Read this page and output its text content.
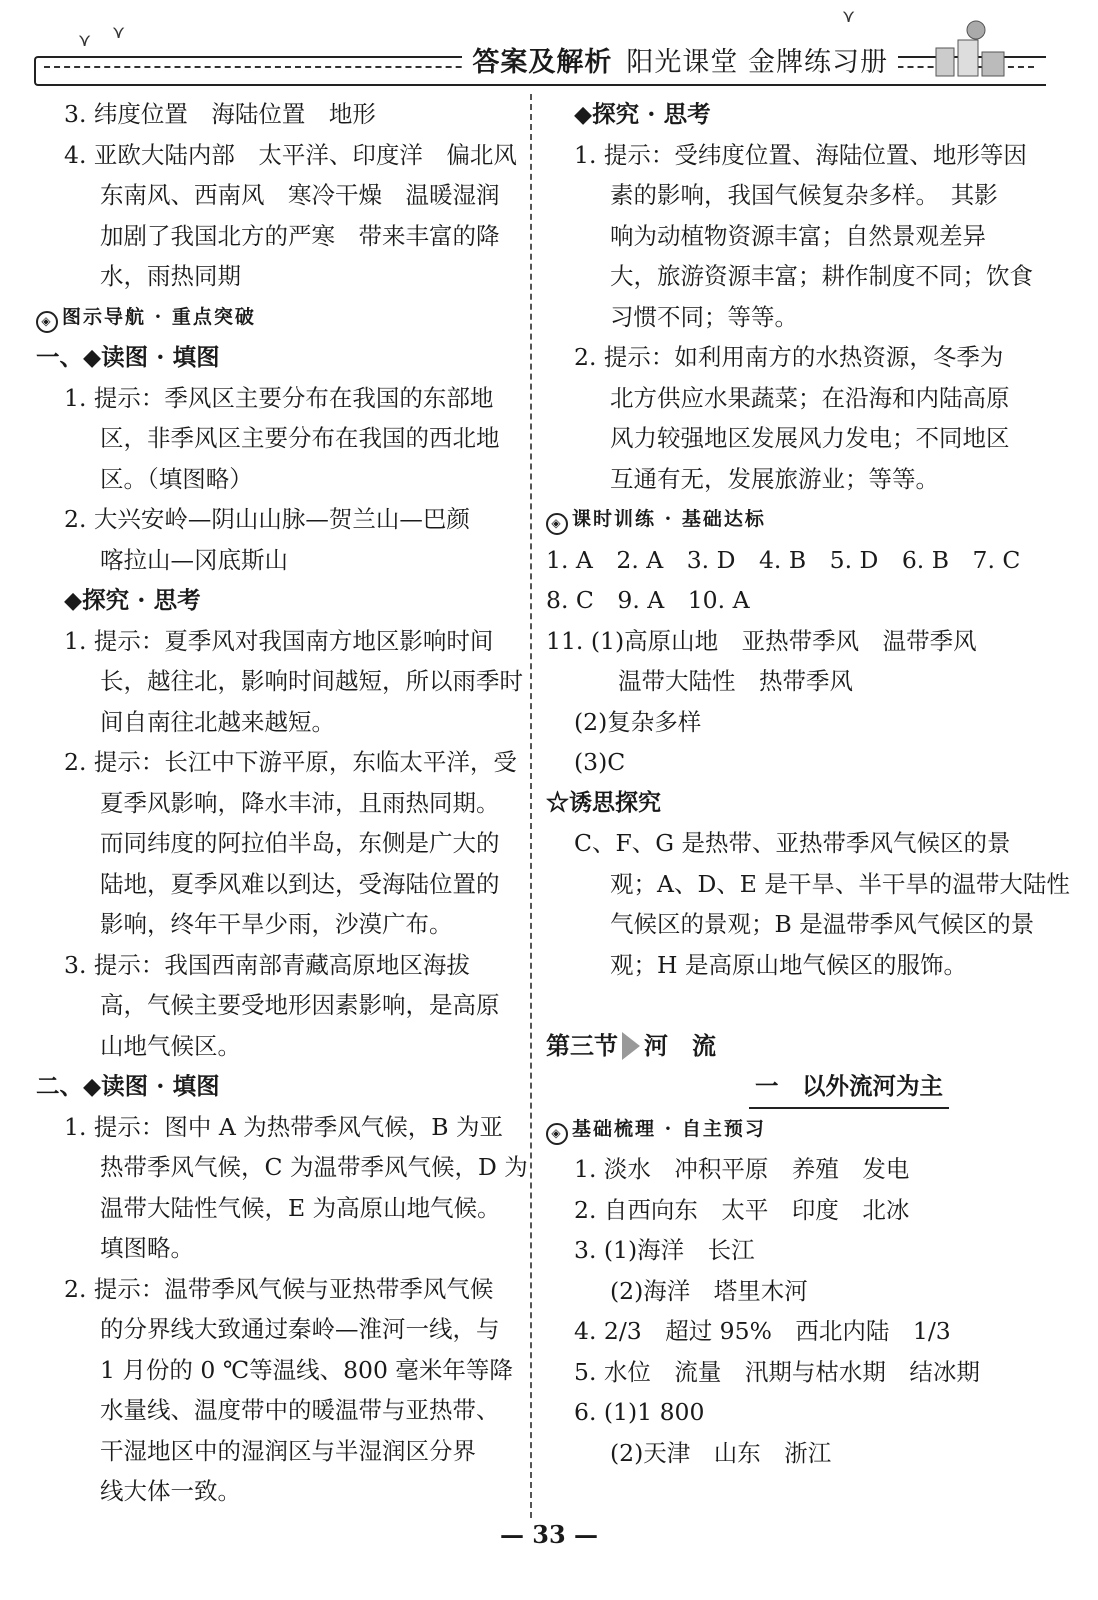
⋎ ⋎
⋎
答案及解析 阳光课堂 金牌练习册
3. 纬度位置　海陆位置　地形
4. 亚欧大陆内部　太平洋、印度洋　偏北风
东南风、西南风　寒冷干燥　温暖湿润
加剧了我国北方的严寒　带来丰富的降
水，雨热同期
◈ 图示导航 · 重点突破
一、◆读图 · 填图
1. 提示：季风区主要分布在我国的东部地
区，非季风区主要分布在我国的西北地
区。（填图略）
2. 大兴安岭—阴山山脉—贺兰山—巴颜
喀拉山—冈底斯山
◆探究 · 思考
1. 提示：夏季风对我国南方地区影响时间
长，越往北，影响时间越短，所以雨季时
间自南往北越来越短。
2. 提示：长江中下游平原，东临太平洋，受
夏季风影响，降水丰沛，且雨热同期。
而同纬度的阿拉伯半岛，东侧是广大的
陆地，夏季风难以到达，受海陆位置的
影响，终年干旱少雨，沙漠广布。
3. 提示：我国西南部青藏高原地区海拔
高，气候主要受地形因素影响，是高原
山地气候区。
二、◆读图 · 填图
1. 提示：图中 A 为热带季风气候，B 为亚
热带季风气候，C 为温带季风气候，D 为
温带大陆性气候，E 为高原山地气候。
填图略。
2. 提示：温带季风气候与亚热带季风气候
的分界线大致通过秦岭—淮河一线，与
1 月份的 0 ℃等温线、800 毫米年等降
水量线、温度带中的暖温带与亚热带、
干湿地区中的湿润区与半湿润区分界
线大体一致。
◆探究 · 思考
1. 提示：受纬度位置、海陆位置、地形等因
素的影响，我国气候复杂多样。　其影
响为动植物资源丰富；自然景观差异
大，旅游资源丰富；耕作制度不同；饮食
习惯不同；等等。
2. 提示：如利用南方的水热资源，冬季为
北方供应水果蔬菜；在沿海和内陆高原
风力较强地区发展风力发电；不同地区
互通有无，发展旅游业；等等。
◈ 课时训练 · 基础达标
1. A　2. A　3. D　4. B　5. D　6. B　7. C
8. C　9. A　10. A
11. (1)高原山地　亚热带季风　温带季风
温带大陆性　热带季风
(2)复杂多样
(3)C
☆诱思探究
C、F、G 是热带、亚热带季风气候区的景
观；A、D、E 是干旱、半干旱的温带大陆性
气候区的景观；B 是温带季风气候区的景
观；H 是高原山地气候区的服饰。

第三节 河　流
一　以外流河为主
◈ 基础梳理 · 自主预习
1. 淡水　冲积平原　养殖　发电
2. 自西向东　太平　印度　北冰
3. (1)海洋　长江
(2)海洋　塔里木河
4. 2/3　超过 95%　西北内陆　1/3
5. 水位　流量　汛期与枯水期　结冰期
6. (1)1 800
(2)天津　山东　浙江
— 33 —
